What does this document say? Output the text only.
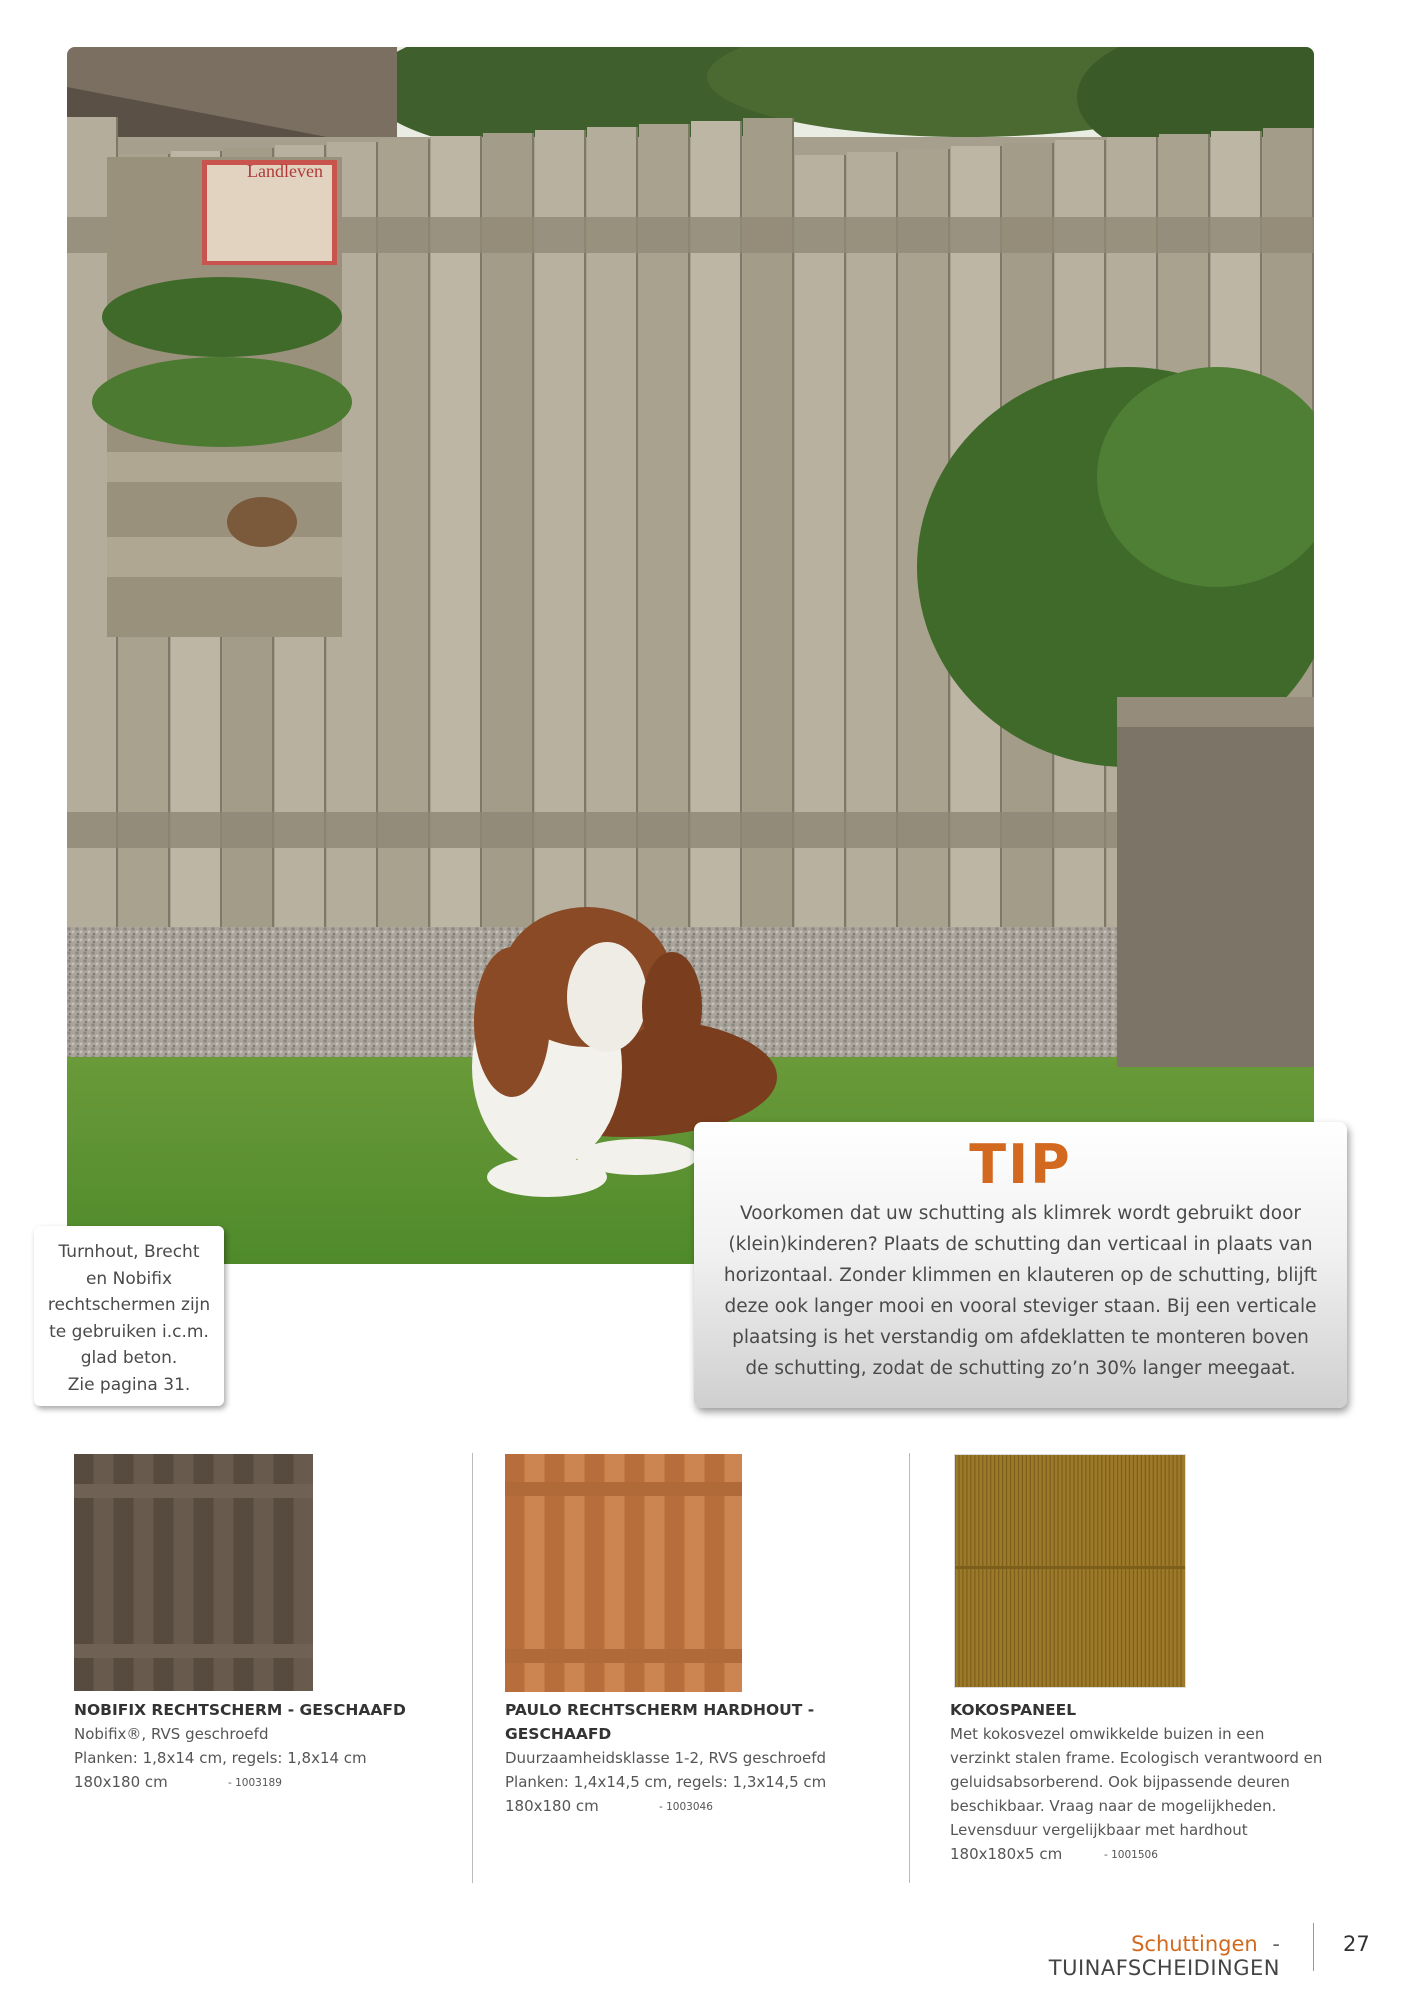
Landleven
Turnhout, Brecht
en Nobifix
rechtschermen zijn
te gebruiken i.c.m.
glad beton.
Zie pagina 31.
TIP
Voorkomen dat uw schutting als klimrek wordt gebruikt door
(klein)kinderen? Plaats de schutting dan verticaal in plaats van
horizontaal. Zonder klimmen en klauteren op de schutting, blijft
deze ook langer mooi en vooral steviger staan. Bij een verticale
plaatsing is het verstandig om afdeklatten te monteren boven
de schutting, zodat de schutting zo’n 30% langer meegaat.
NOBIFIX RECHTSCHERM - GESCHAAFD
Nobifix®, RVS geschroefd
Planken: 1,8x14 cm, regels: 1,8x14 cm
180x180 cm	- 1003189
PAULO RECHTSCHERM HARDHOUT -
GESCHAAFD
Duurzaamheidsklasse 1-2, RVS geschroefd
Planken: 1,4x14,5 cm, regels: 1,3x14,5 cm
180x180 cm	- 1003046
KOKOSPANEEL
Met kokosvezel omwikkelde buizen in een
verzinkt stalen frame. Ecologisch verantwoord en
geluidsabsorberend. Ook bijpassende deuren
beschikbaar. Vraag naar de mogelijkheden.
Levensduur vergelijkbaar met hardhout
180x180x5 cm	- 1001506
Schuttingen - TUINAFSCHEIDINGEN
27
